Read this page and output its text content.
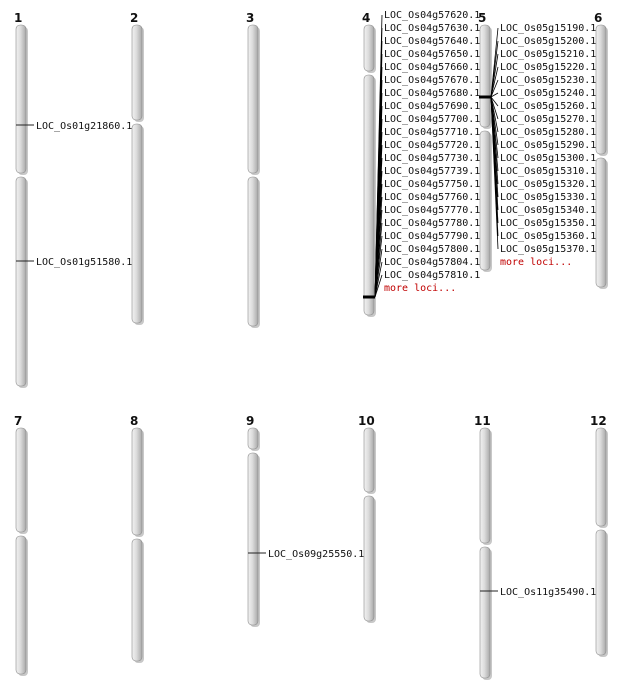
1
LOC_Os01g21860.1
LOC_Os01g51580.1
2	3	4 LOC_Os04g57620.1
LOC_Os04g57630.1
LOC_Os04g57640.1
LOC_Os04g57650.1
LOC_Os04g57660.1
LOC_Os04g57670.1
LOC_Os04g57680.1
LOC_Os04g57690.1
LOC_Os04g57700.1
LOC_Os04g57710.1
LOC_Os04g57720.1
LOC_Os04g57730.1
LOC_Os04g57739.1
LOC_Os04g57750.1
LOC_Os04g57760.1
LOC_Os04g57770.1
LOC_Os04g57780.1
LOC_Os04g57790.1
LOC_Os04g57800.1
LOC_Os04g57804.1
LOC_Os04g57810.1
more loci...
5
LOC_Os05g15190.1
LOC_Os05g15200.1
LOC_Os05g15210.1
LOC_Os05g15220.1
LOC_Os05g15230.1
LOC_Os05g15240.1
LOC_Os05g15260.1
LOC_Os05g15270.1
LOC_Os05g15280.1
LOC_Os05g15290.1
LOC_Os05g15300.1
LOC_Os05g15310.1
LOC_Os05g15320.1
LOC_Os05g15330.1
LOC_Os05g15340.1
LOC_Os05g15350.1
LOC_Os05g15360.1
LOC_Os05g15370.1
more loci...
6
7	8	9
LOC_Os09g25550.1
10	11
LOC_Os11g35490.1
12
